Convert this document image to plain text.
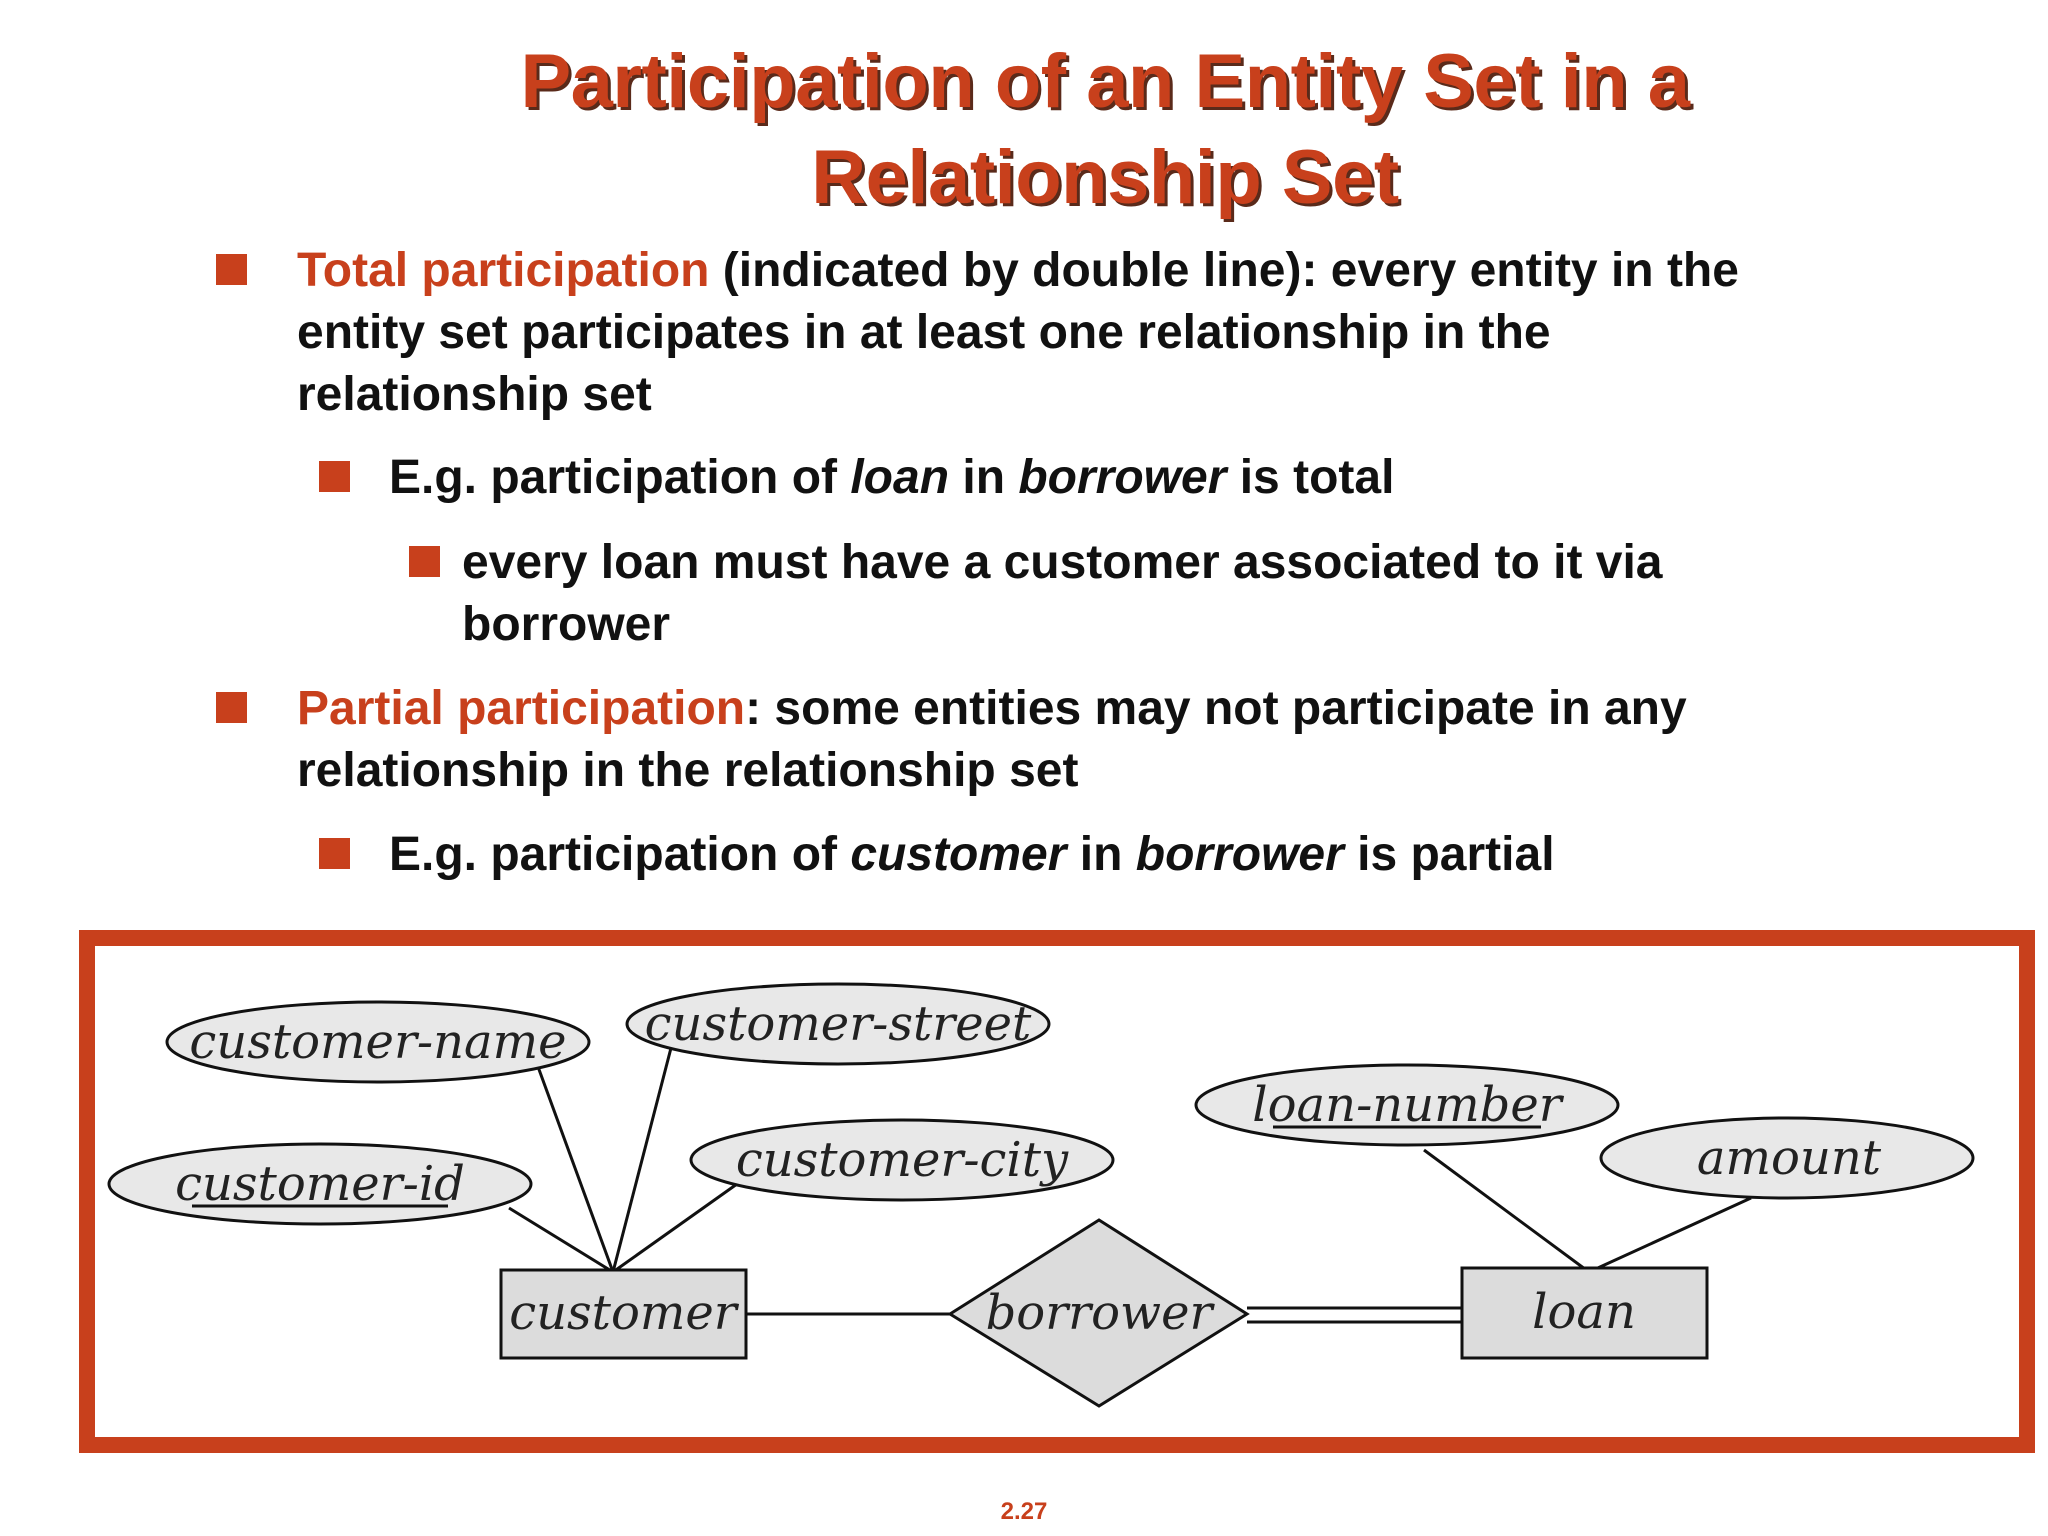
Participation of an Entity Set in a
Relationship Set
Total participation (indicated by double line): every entity in the
entity set participates in at least one relationship in the
relationship set
E.g. participation of loan in borrower is total
every loan must have a customer associated to it via
borrower
Partial participation: some entities may not participate in any
relationship in the relationship set
E.g. participation of customer in borrower is partial
customer-name customer-street
customer-id	customer-city
loan-number
amount
customer	loan
borrower
2.27
